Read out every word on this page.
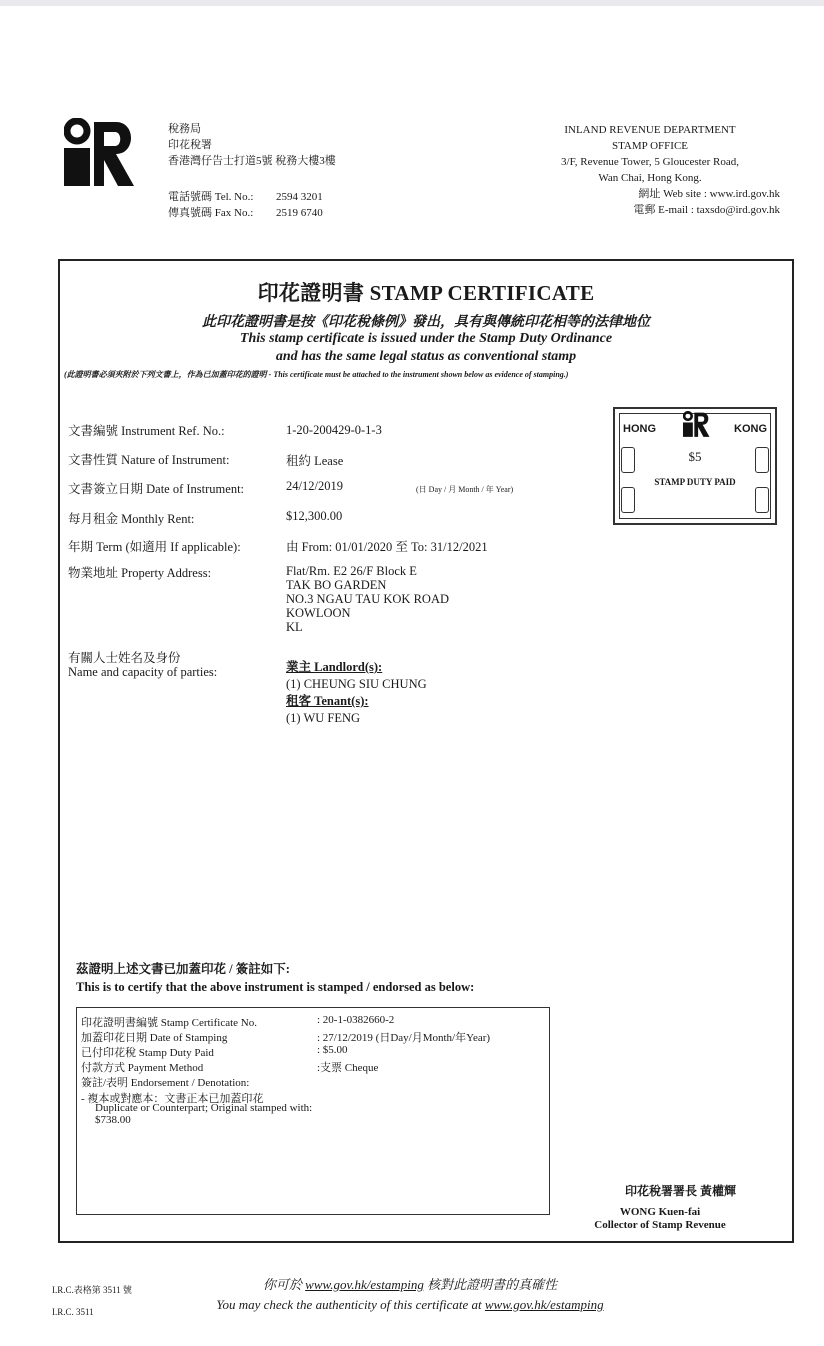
稅務局
印花稅署
香港灣仔告士打道5號 稅務大樓3樓
電話號碼 Tel. No.: 2594 3201
傳真號碼 Fax No.: 2519 6740
INLAND REVENUE DEPARTMENT
STAMP OFFICE
3/F, Revenue Tower, 5 Gloucester Road,
Wan Chai, Hong Kong.
網址 Web site : www.ird.gov.hk
電郵 E-mail : taxsdo@ird.gov.hk
印花證明書 STAMP CERTIFICATE
此印花證明書是按《印花稅條例》發出，具有與傳統印花相等的法律地位
This stamp certificate is issued under the Stamp Duty Ordinance
and has the same legal status as conventional stamp
(此證明書必須夾附於下列文書上，作為已加蓋印花的證明 - This certificate must be attached to the instrument shown below as evidence of stamping.)
文書編號 Instrument Ref. No.:	1-20-200429-0-1-3
文書性質 Nature of Instrument:	租約 Lease
文書簽立日期 Date of Instrument:	24/12/2019	(日 Day / 月 Month / 年 Year)
每月租金 Monthly Rent:	$12,300.00
年期 Term (如適用 If applicable):	由 From: 01/01/2020 至 To: 31/12/2021
物業地址 Property Address:	Flat/Rm. E2 26/F Block E
TAK BO GARDEN
NO.3 NGAU TAU KOK ROAD
KOWLOON
KL
有關人士姓名及身份
Name and capacity of parties:	業主 Landlord(s):
(1) CHEUNG SIU CHUNG
租客 Tenant(s):
(1) WU FENG
HONG	KONG
$5
STAMP DUTY PAID
茲證明上述文書已加蓋印花 / 簽註如下:
This is to certify that the above instrument is stamped / endorsed as below:
印花證明書編號 Stamp Certificate No.	: 20-1-0382660-2
加蓋印花日期 Date of Stamping	: 27/12/2019 (日Day/月Month/年Year)
已付印花稅 Stamp Duty Paid	: $5.00
付款方式 Payment Method	:支票 Cheque
簽註/表明 Endorsement / Denotation:
- 複本或對應本：文書正本已加蓋印花
Duplicate or Counterpart; Original stamped with:
$738.00
印花稅署署長 黃權輝
WONG Kuen-fai
Collector of Stamp Revenue
I.R.C.表格第 3511 號
I.R.C. 3511
你可於 www.gov.hk/estamping 核對此證明書的真確性
You may check the authenticity of this certificate at www.gov.hk/estamping
